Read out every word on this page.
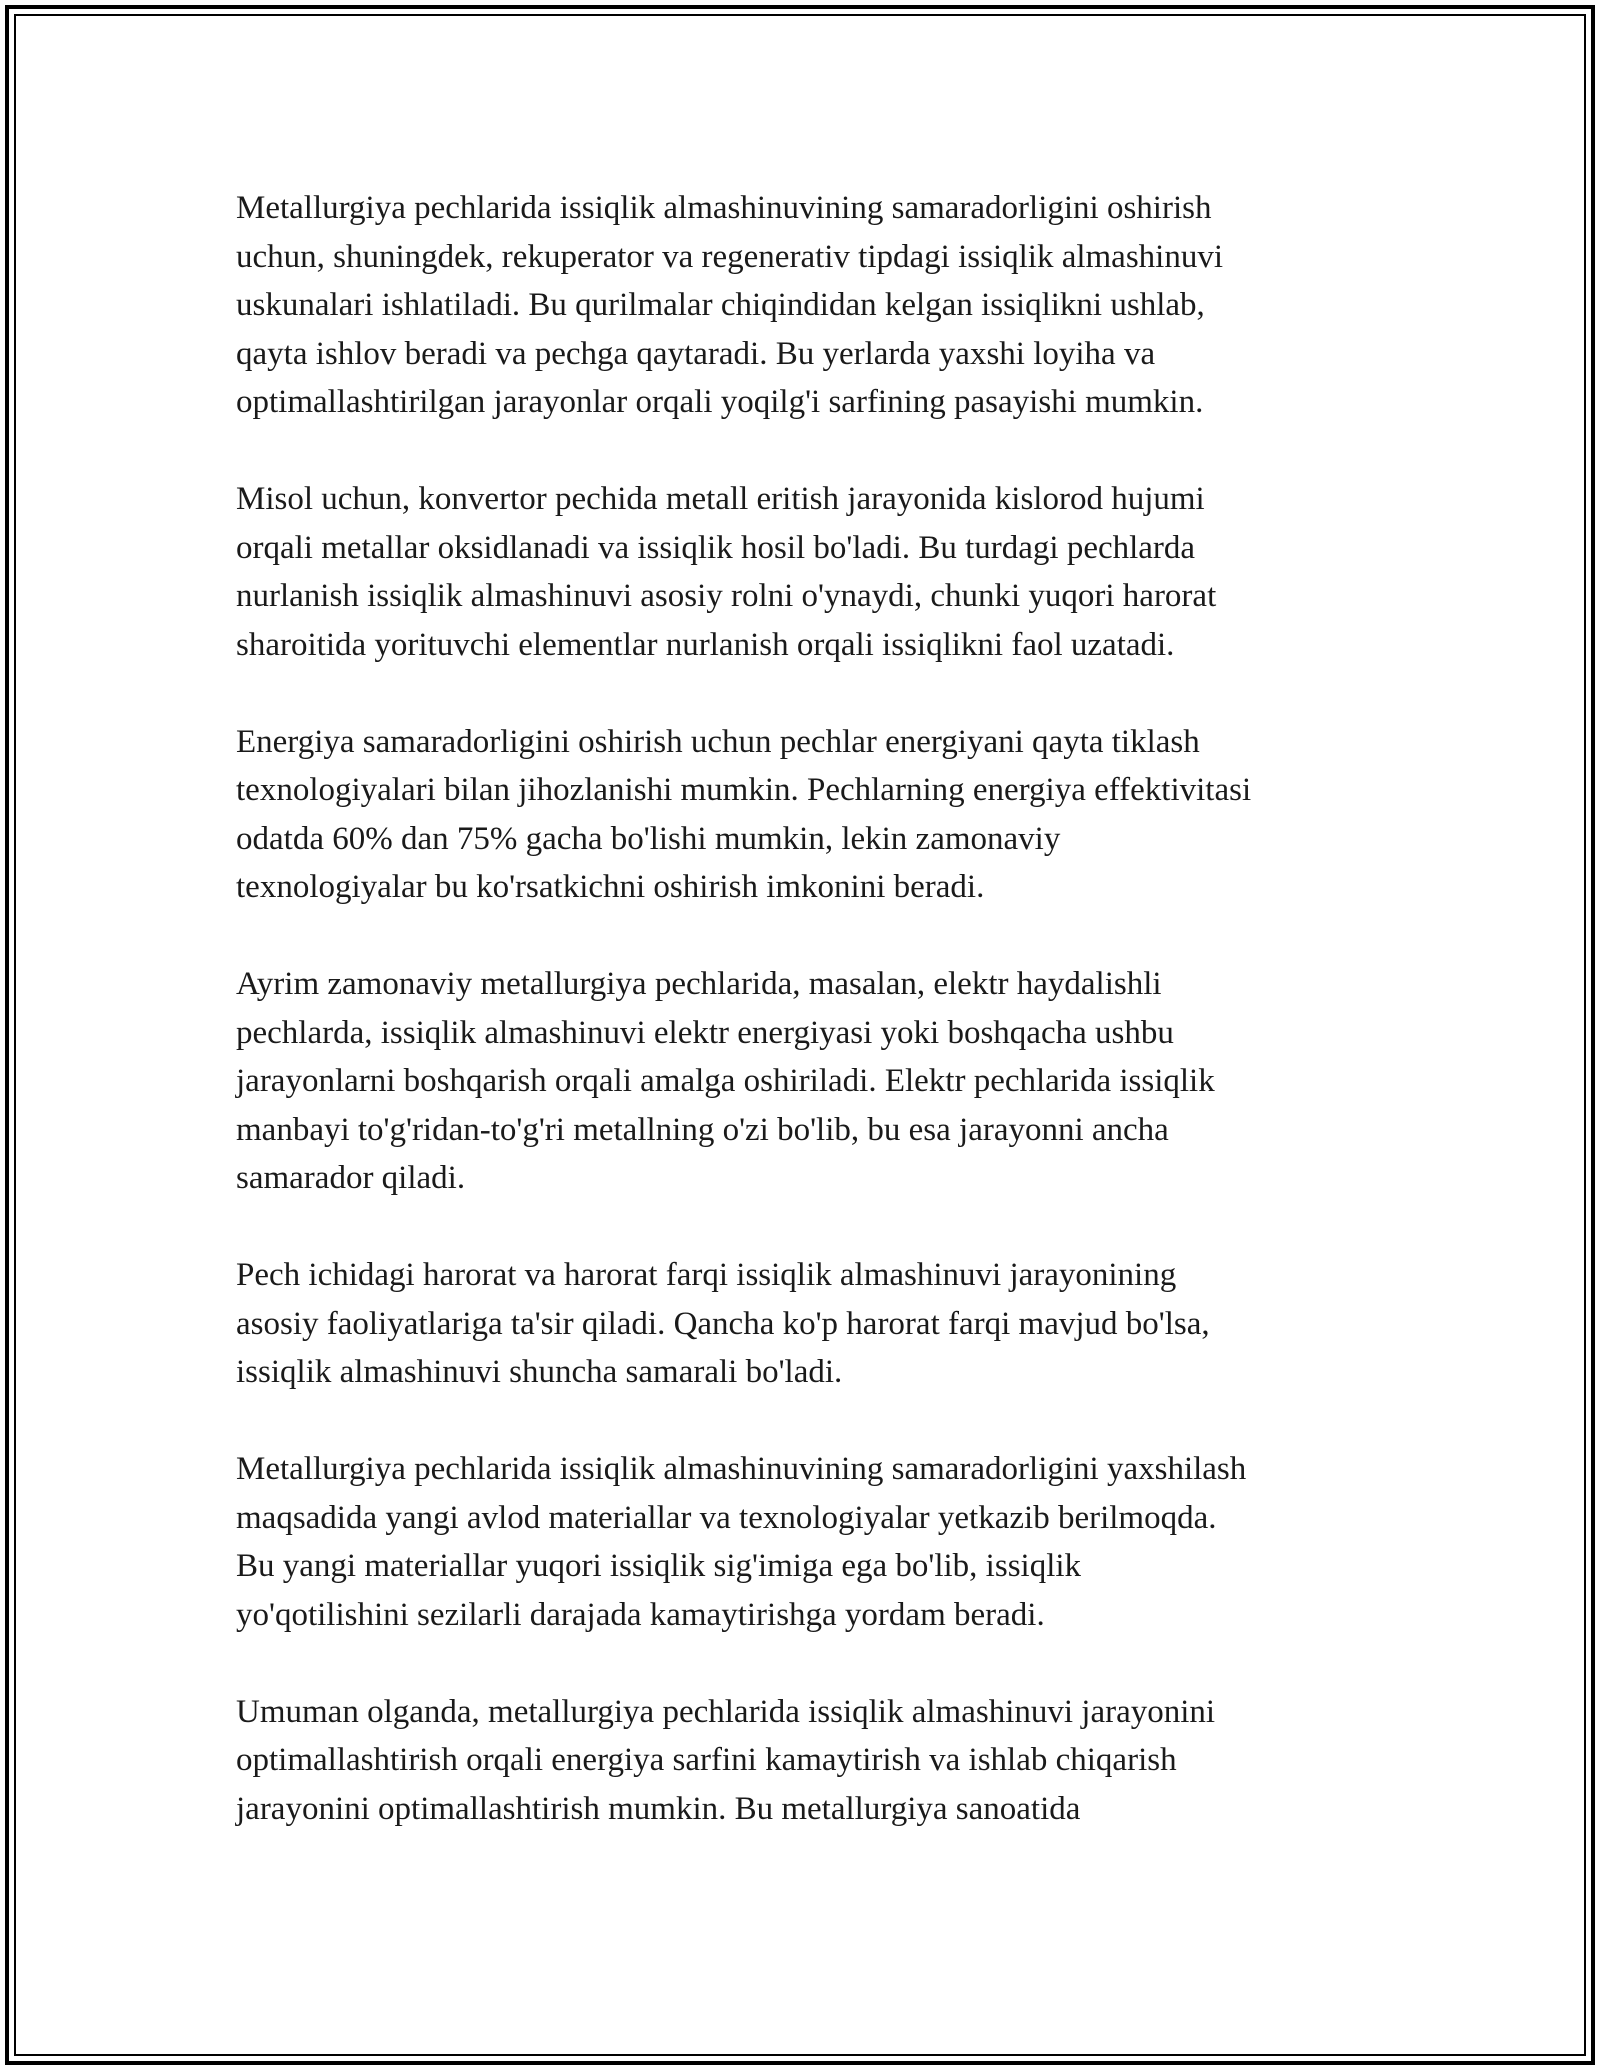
Metallurgiya pechlarida issiqlik almashinuvining samaradorligini oshirish
uchun, shuningdek, rekuperator va regenerativ tipdagi issiqlik almashinuvi
uskunalari ishlatiladi. Bu qurilmalar chiqindidan kelgan issiqlikni ushlab,
qayta ishlov beradi va pechga qaytaradi. Bu yerlarda yaxshi loyiha va
optimallashtirilgan jarayonlar orqali yoqilg'i sarfining pasayishi mumkin.

Misol uchun, konvertor pechida metall eritish jarayonida kislorod hujumi
orqali metallar oksidlanadi va issiqlik hosil bo'ladi. Bu turdagi pechlarda
nurlanish issiqlik almashinuvi asosiy rolni o'ynaydi, chunki yuqori harorat
sharoitida yorituvchi elementlar nurlanish orqali issiqlikni faol uzatadi.

Energiya samaradorligini oshirish uchun pechlar energiyani qayta tiklash
texnologiyalari bilan jihozlanishi mumkin. Pechlarning energiya effektivitasi
odatda 60% dan 75% gacha bo'lishi mumkin, lekin zamonaviy
texnologiyalar bu ko'rsatkichni oshirish imkonini beradi.

Ayrim zamonaviy metallurgiya pechlarida, masalan, elektr haydalishli
pechlarda, issiqlik almashinuvi elektr energiyasi yoki boshqacha ushbu
jarayonlarni boshqarish orqali amalga oshiriladi. Elektr pechlarida issiqlik
manbayi to'g'ridan-to'g'ri metallning o'zi bo'lib, bu esa jarayonni ancha
samarador qiladi.

Pech ichidagi harorat va harorat farqi issiqlik almashinuvi jarayonining
asosiy faoliyatlariga ta'sir qiladi. Qancha ko'p harorat farqi mavjud bo'lsa,
issiqlik almashinuvi shuncha samarali bo'ladi.

Metallurgiya pechlarida issiqlik almashinuvining samaradorligini yaxshilash
maqsadida yangi avlod materiallar va texnologiyalar yetkazib berilmoqda.
Bu yangi materiallar yuqori issiqlik sig'imiga ega bo'lib, issiqlik
yo'qotilishini sezilarli darajada kamaytirishga yordam beradi.

Umuman olganda, metallurgiya pechlarida issiqlik almashinuvi jarayonini
optimallashtirish orqali energiya sarfini kamaytirish va ishlab chiqarish
jarayonini optimallashtirish mumkin. Bu metallurgiya sanoatida
